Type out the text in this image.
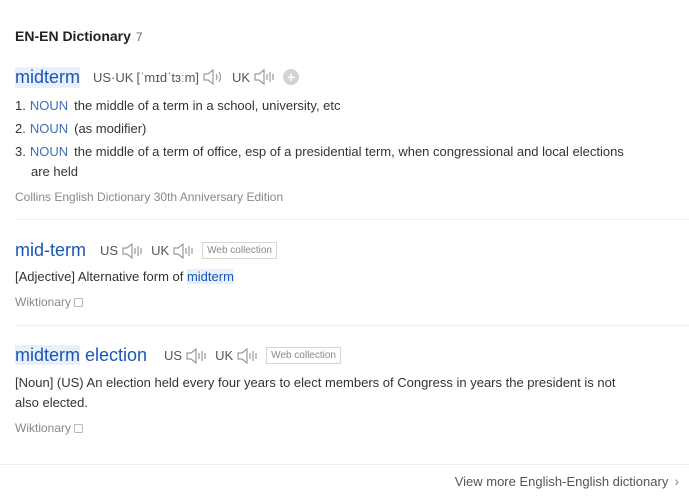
EN-EN Dictionary 7
midterm US·UK [ˈmɪdˈtɜːm]	UK	+
1. NOUN the middle of a term in a school, university, etc
2. NOUN (as modifier)
3. NOUN the middle of a term of office, esp of a presidential term, when congressional and local elections
are held
Collins English Dictionary 30th Anniversary Edition
mid-term US	UK	Web collection
[Adjective] Alternative form of midterm
Wiktionary
midterm election US	UK	Web collection
[Noun] (US) An election held every four years to elect members of Congress in years the president is not
also elected.
Wiktionary
View more English-English dictionary ›
